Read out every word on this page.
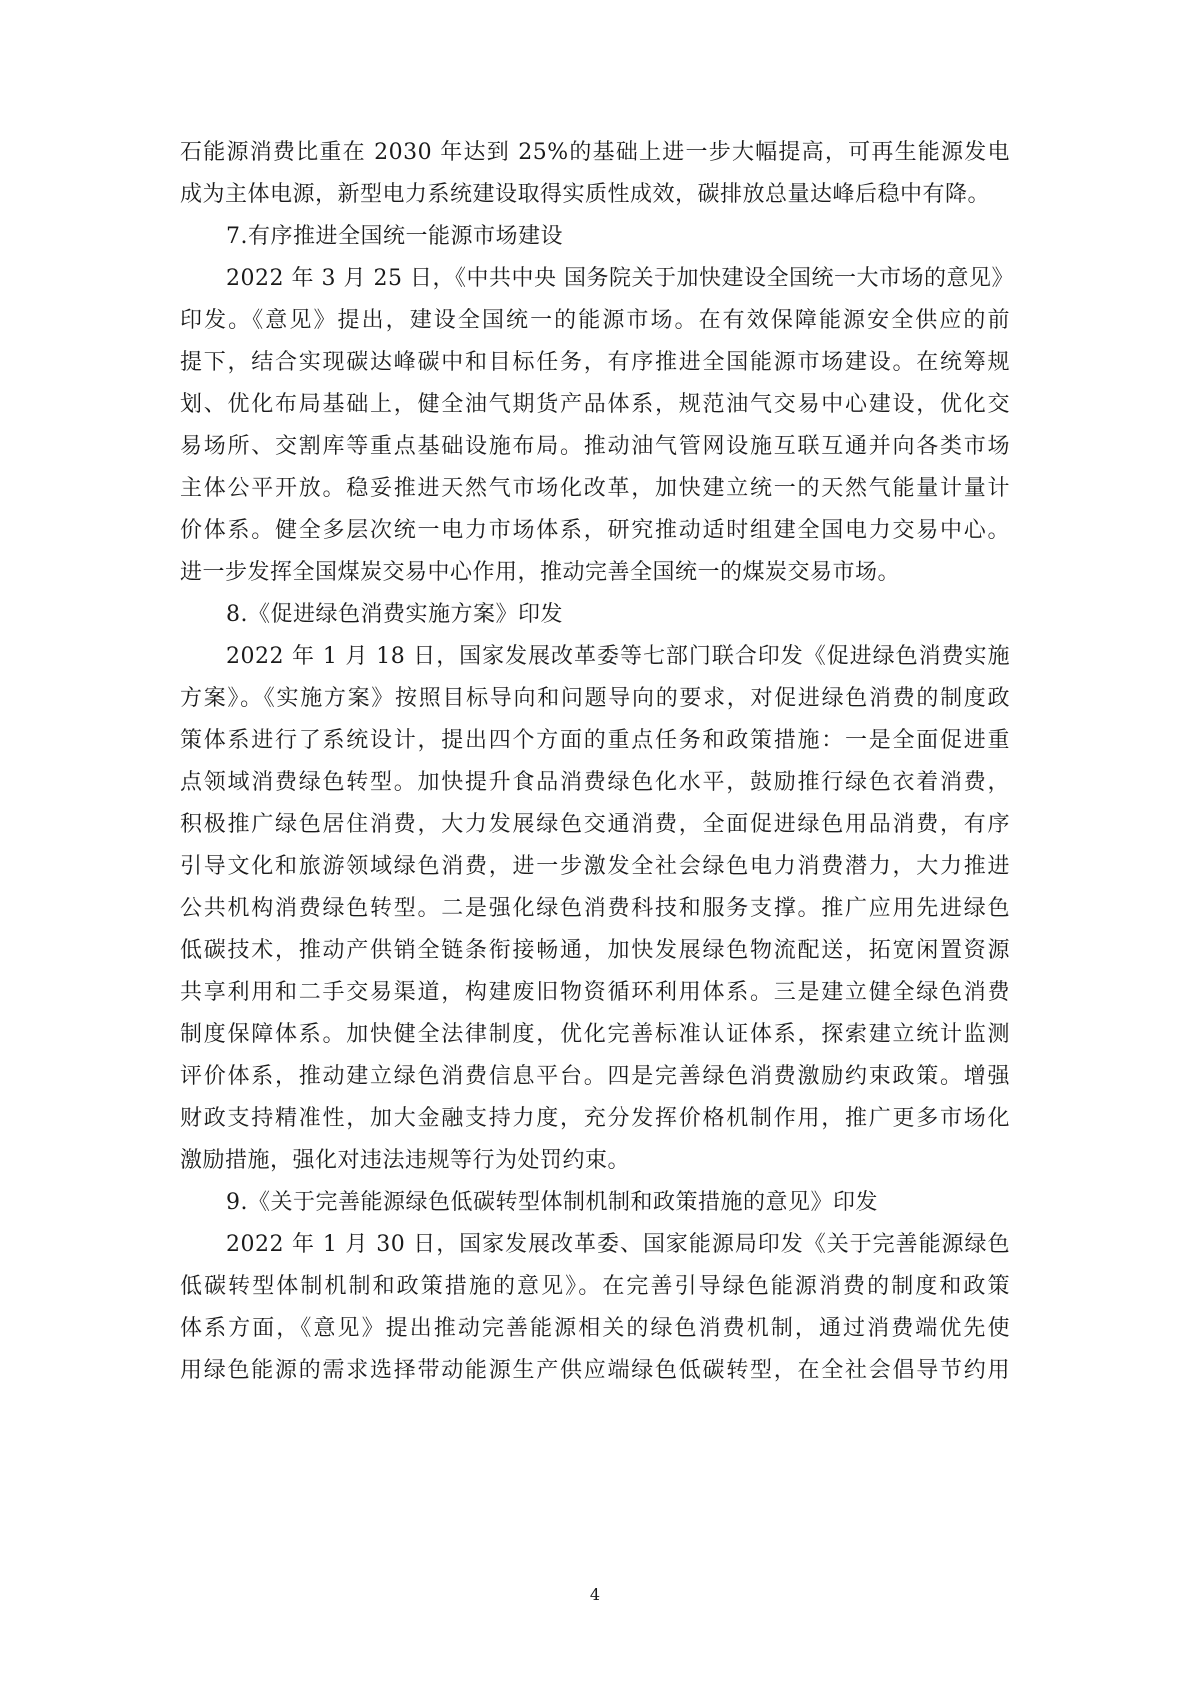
石能源消费比重在 2030 年达到 25%的基础上进一步大幅提高，可再生能源发电
成为主体电源，新型电力系统建设取得实质性成效，碳排放总量达峰后稳中有降。
7.有序推进全国统一能源市场建设
2022 年 3 月 25 日，《中共中央 国务院关于加快建设全国统一大市场的意见》
印发。《意见》提出，建设全国统一的能源市场。在有效保障能源安全供应的前
提下，结合实现碳达峰碳中和目标任务，有序推进全国能源市场建设。在统筹规
划、优化布局基础上，健全油气期货产品体系，规范油气交易中心建设，优化交
易场所、交割库等重点基础设施布局。推动油气管网设施互联互通并向各类市场
主体公平开放。稳妥推进天然气市场化改革，加快建立统一的天然气能量计量计
价体系。健全多层次统一电力市场体系，研究推动适时组建全国电力交易中心。
进一步发挥全国煤炭交易中心作用，推动完善全国统一的煤炭交易市场。
8.《促进绿色消费实施方案》印发
2022 年 1 月 18 日，国家发展改革委等七部门联合印发《促进绿色消费实施
方案》。《实施方案》按照目标导向和问题导向的要求，对促进绿色消费的制度政
策体系进行了系统设计，提出四个方面的重点任务和政策措施：一是全面促进重
点领域消费绿色转型。加快提升食品消费绿色化水平，鼓励推行绿色衣着消费，
积极推广绿色居住消费，大力发展绿色交通消费，全面促进绿色用品消费，有序
引导文化和旅游领域绿色消费，进一步激发全社会绿色电力消费潜力，大力推进
公共机构消费绿色转型。二是强化绿色消费科技和服务支撑。推广应用先进绿色
低碳技术，推动产供销全链条衔接畅通，加快发展绿色物流配送，拓宽闲置资源
共享利用和二手交易渠道，构建废旧物资循环利用体系。三是建立健全绿色消费
制度保障体系。加快健全法律制度，优化完善标准认证体系，探索建立统计监测
评价体系，推动建立绿色消费信息平台。四是完善绿色消费激励约束政策。增强
财政支持精准性，加大金融支持力度，充分发挥价格机制作用，推广更多市场化
激励措施，强化对违法违规等行为处罚约束。
9.《关于完善能源绿色低碳转型体制机制和政策措施的意见》印发
2022 年 1 月 30 日，国家发展改革委、国家能源局印发《关于完善能源绿色
低碳转型体制机制和政策措施的意见》。在完善引导绿色能源消费的制度和政策
体系方面，《意见》提出推动完善能源相关的绿色消费机制，通过消费端优先使
用绿色能源的需求选择带动能源生产供应端绿色低碳转型，在全社会倡导节约用
4
